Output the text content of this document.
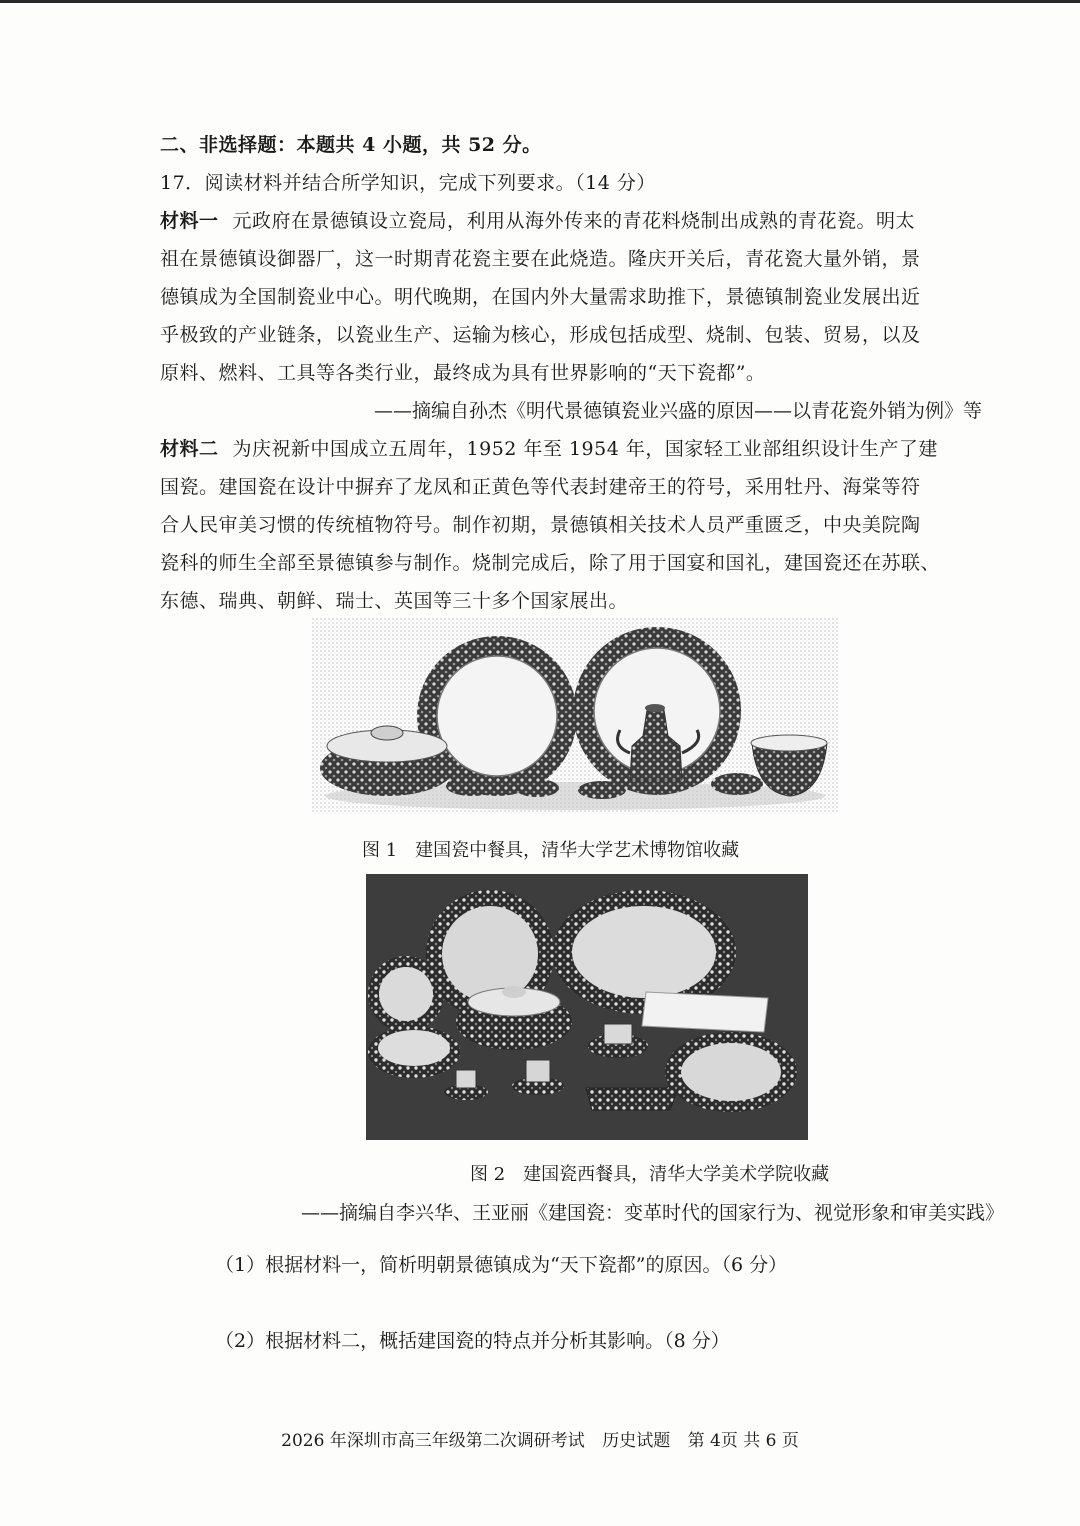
二、非选择题：本题共 4 小题，共 52 分。
17．阅读材料并结合所学知识，完成下列要求。（14 分）
材料一 元政府在景德镇设立瓷局，利用从海外传来的青花料烧制出成熟的青花瓷。明太
祖在景德镇设御器厂，这一时期青花瓷主要在此烧造。隆庆开关后，青花瓷大量外销，景
德镇成为全国制瓷业中心。明代晚期，在国内外大量需求助推下，景德镇制瓷业发展出近
乎极致的产业链条，以瓷业生产、运输为核心，形成包括成型、烧制、包装、贸易，以及
原料、燃料、工具等各类行业，最终成为具有世界影响的“天下瓷都”。
——摘编自孙杰《明代景德镇瓷业兴盛的原因——以青花瓷外销为例》等
材料二 为庆祝新中国成立五周年，1952 年至 1954 年，国家轻工业部组织设计生产了建
国瓷。建国瓷在设计中摒弃了龙凤和正黄色等代表封建帝王的符号，采用牡丹、海棠等符
合人民审美习惯的传统植物符号。制作初期，景德镇相关技术人员严重匮乏，中央美院陶
瓷科的师生全部至景德镇参与制作。烧制完成后，除了用于国宴和国礼，建国瓷还在苏联、
东德、瑞典、朝鲜、瑞士、英国等三十多个国家展出。
图 1　建国瓷中餐具，清华大学艺术博物馆收藏
图 2　建国瓷西餐具，清华大学美术学院收藏
——摘编自李兴华、王亚丽《建国瓷：变革时代的国家行为、视觉形象和审美实践》
（1）根据材料一，简析明朝景德镇成为“天下瓷都”的原因。（6 分）
（2）根据材料二，概括建国瓷的特点并分析其影响。（8 分）
2026 年深圳市高三年级第二次调研考试 历史试题 第 4页 共 6 页
